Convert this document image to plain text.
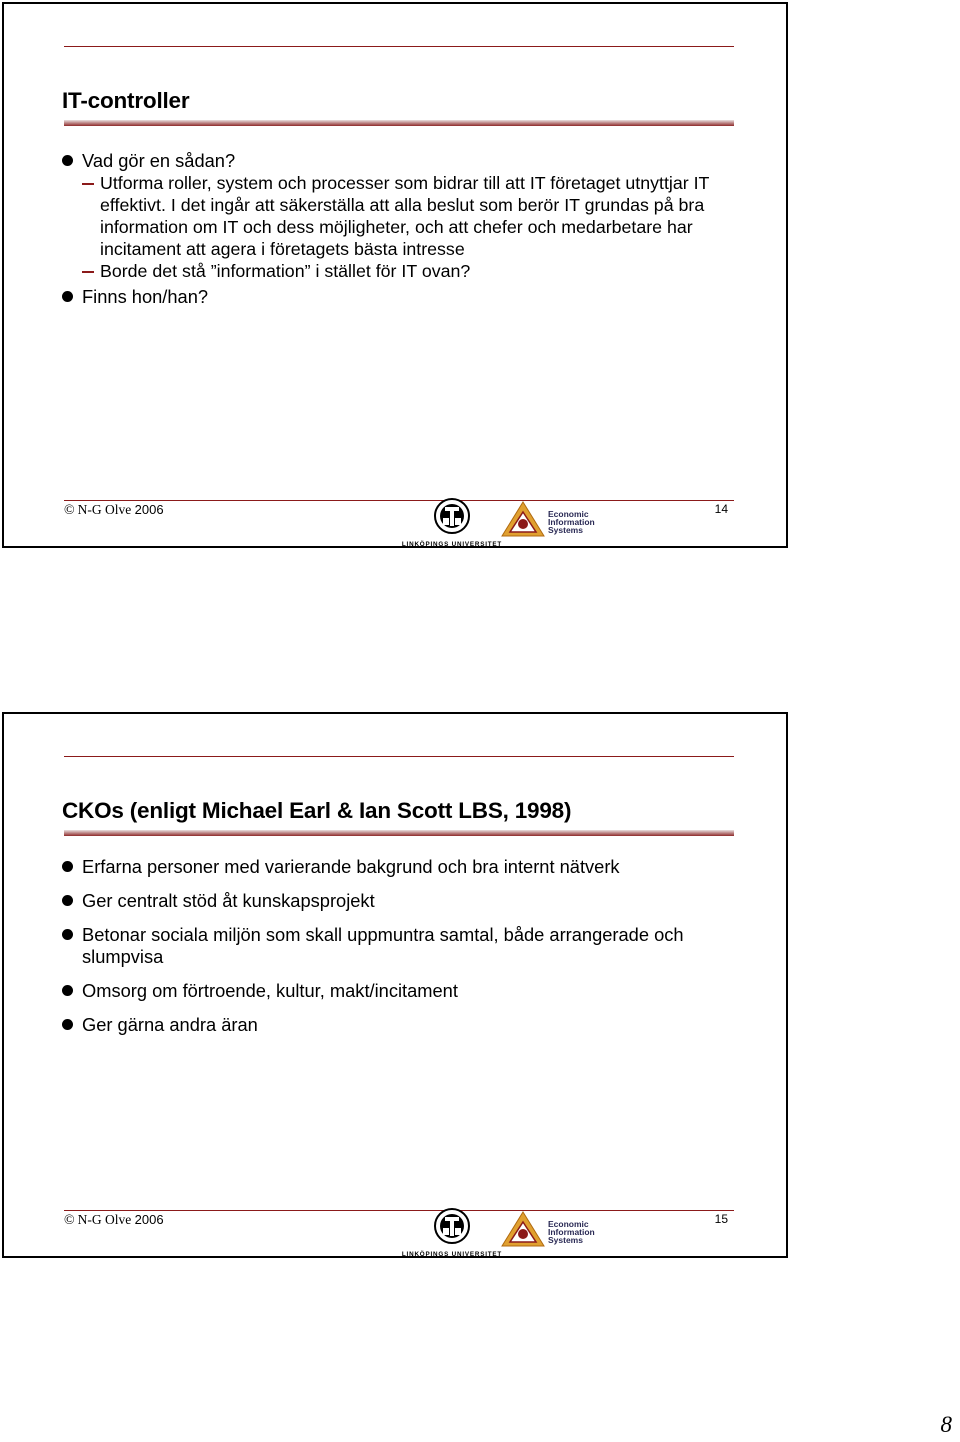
IT-controller
Vad gör en sådan?
Utforma roller, system och processer som bidrar till att IT företaget utnyttjar IT effektivt. I det ingår att säkerställa att alla beslut som berör IT grundas på bra information om IT och dess möjligheter, och att chefer och medarbetare har incitament att agera i företagets bästa intresse
Borde det stå ”information” i stället för IT ovan?
Finns hon/han?
© N-G Olve 2006
LINKÖPINGS UNIVERSITET
Economic
Information
Systems
14
CKOs (enligt Michael Earl & Ian Scott LBS, 1998)
Erfarna personer med varierande bakgrund och bra internt nätverk
Ger centralt stöd åt kunskapsprojekt
Betonar sociala miljön som skall uppmuntra samtal, både arrangerade och slumpvisa
Omsorg om förtroende, kultur, makt/incitament
Ger gärna andra äran
© N-G Olve 2006
LINKÖPINGS UNIVERSITET
Economic
Information
Systems
15
8
